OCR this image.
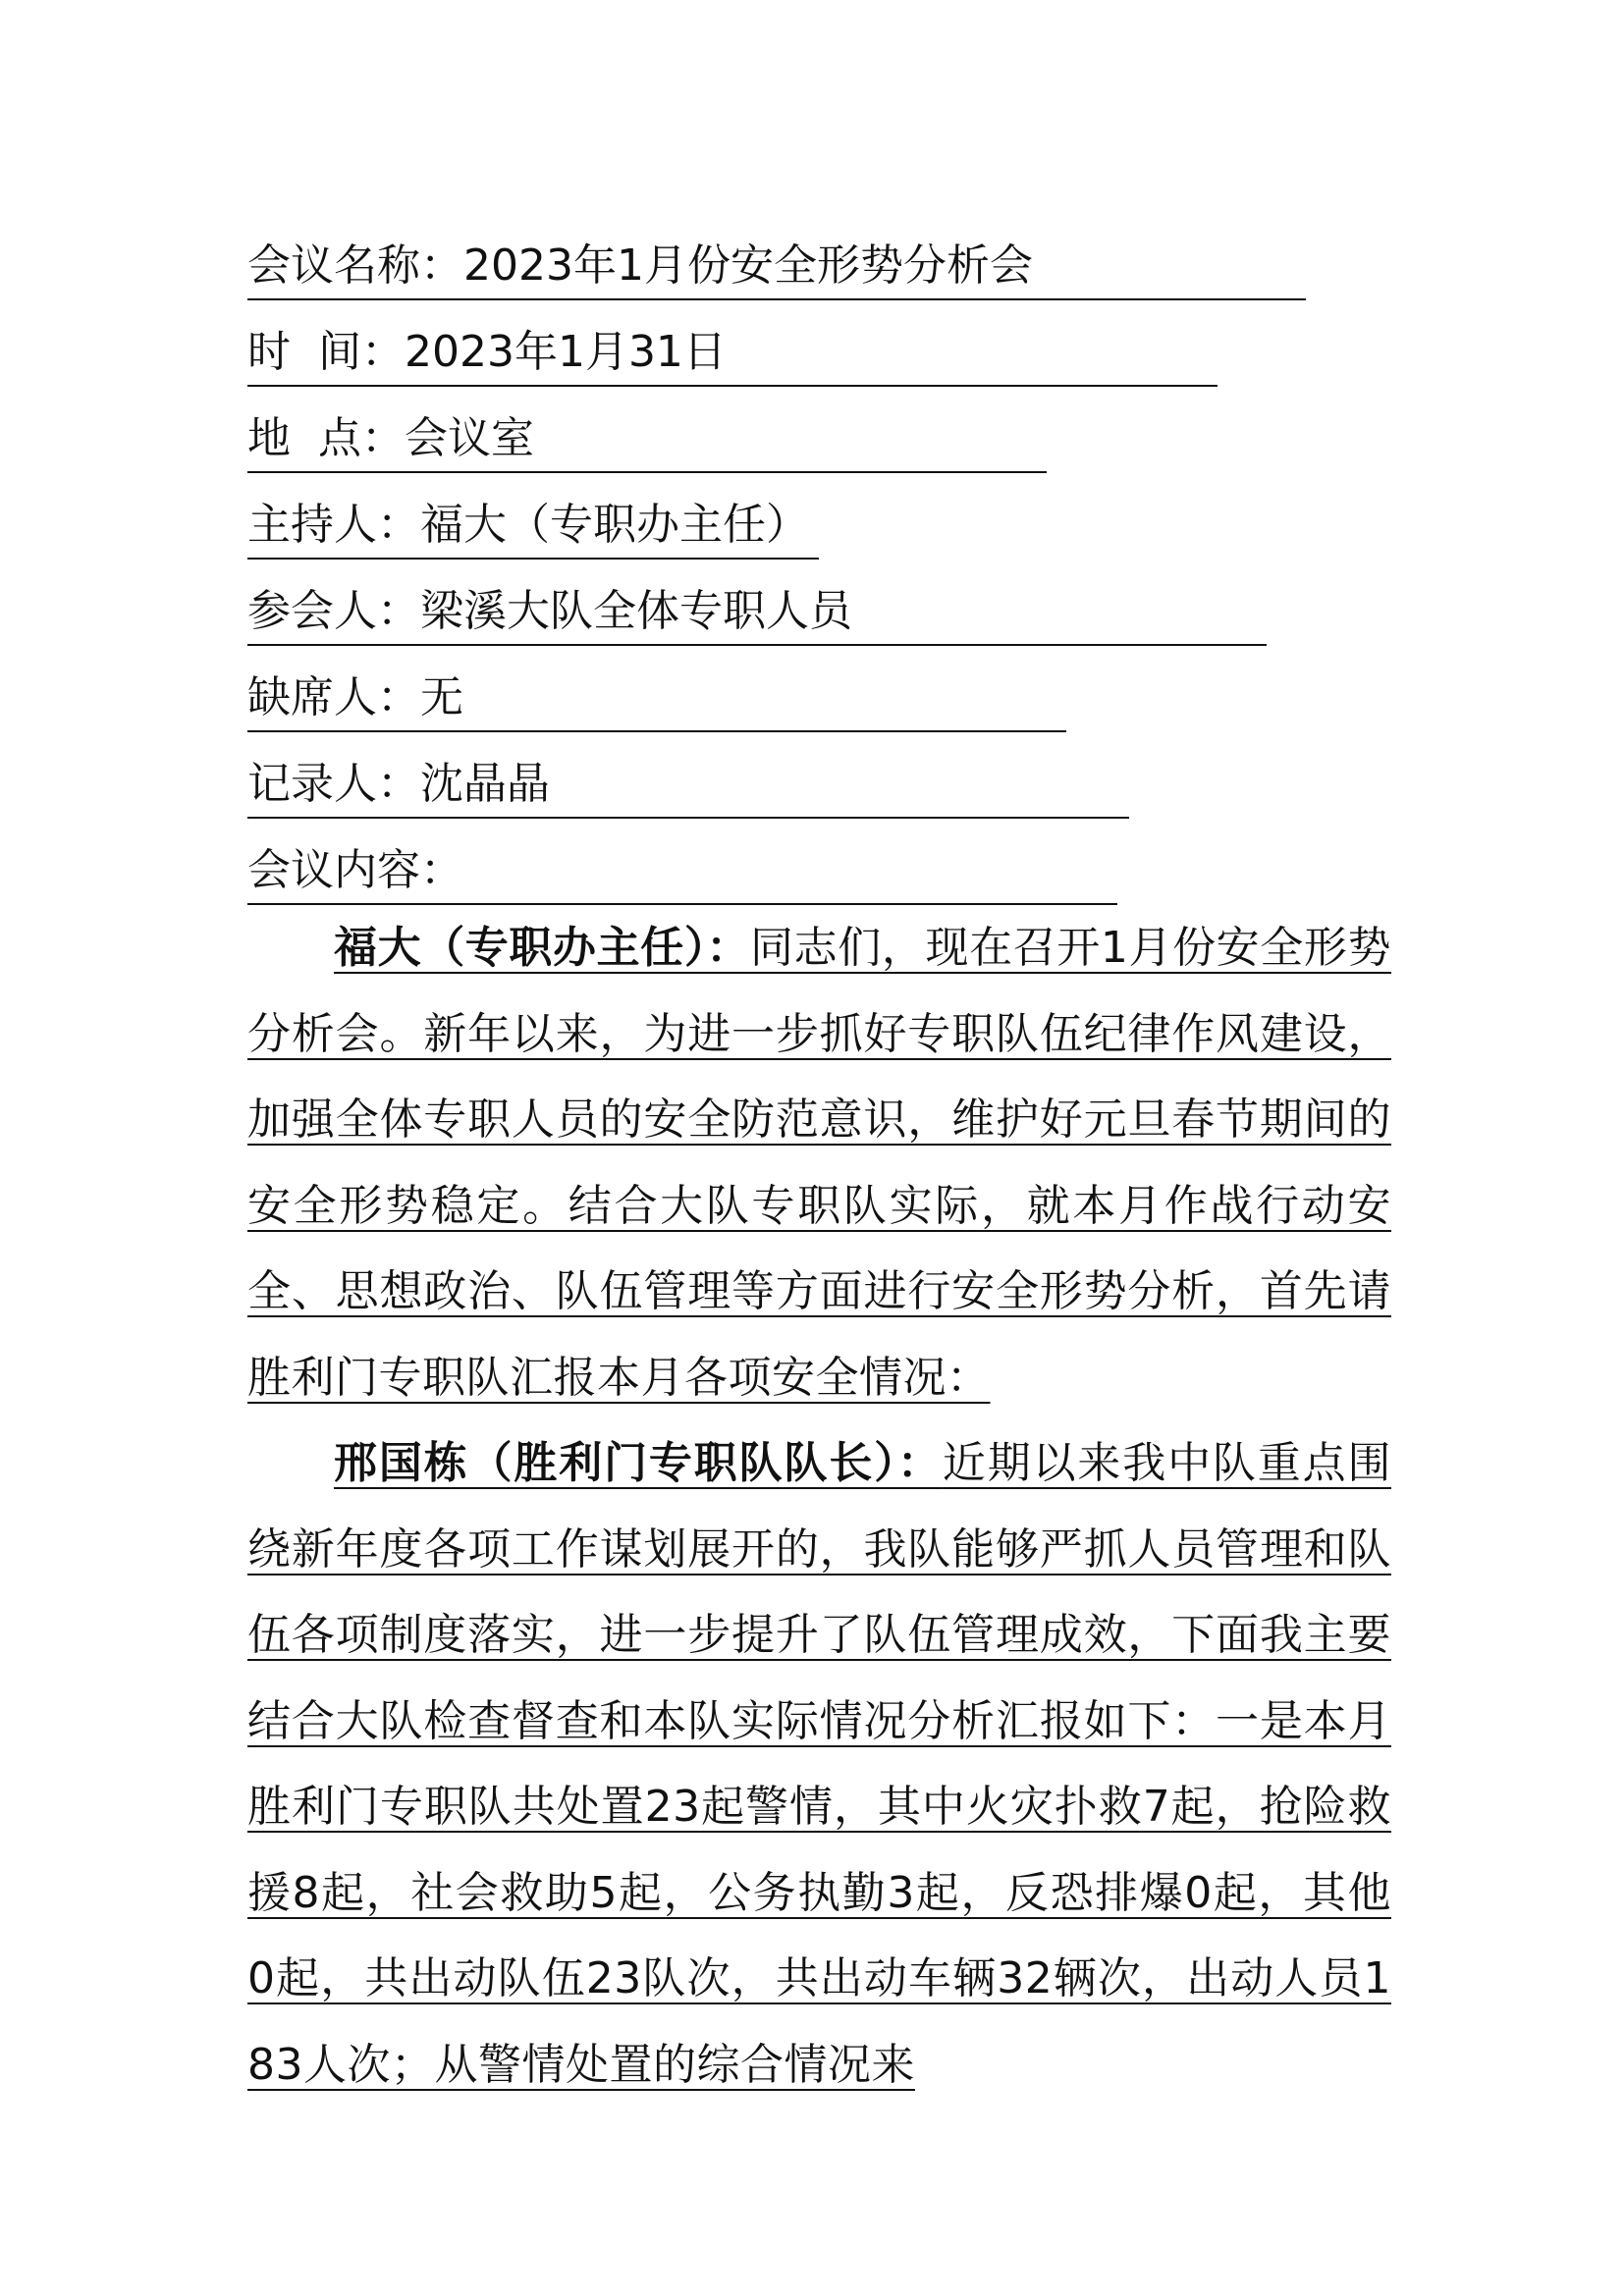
会议名称：2023年1月份安全形势分析会
时  间：2023年1月31日
地  点：会议室
主持人：福大（专职办主任）
参会人：梁溪大队全体专职人员
缺席人：无
记录人：沈晶晶
会议内容：

福大（专职办主任）：同志们，现在召开1月份安全形势分析会。新年以来，为进一步抓好专职队伍纪律作风建设，加强全体专职人员的安全防范意识，维护好元旦春节期间的安全形势稳定。结合大队专职队实际，就本月作战行动安全、思想政治、队伍管理等方面进行安全形势分析，首先请胜利门专职队汇报本月各项安全情况：

邢国栋（胜利门专职队队长）：近期以来我中队重点围绕新年度各项工作谋划展开的，我队能够严抓人员管理和队伍各项制度落实，进一步提升了队伍管理成效，下面我主要结合大队检查督查和本队实际情况分析汇报如下：一是本月胜利门专职队共处置23起警情，其中火灾扑救7起，抢险救援8起，社会救助5起，公务执勤3起，反恐排爆0起，其他0起，共出动队伍23队次，共出动车辆32辆次，出动人员183人次；从警情处置的综合情况来
